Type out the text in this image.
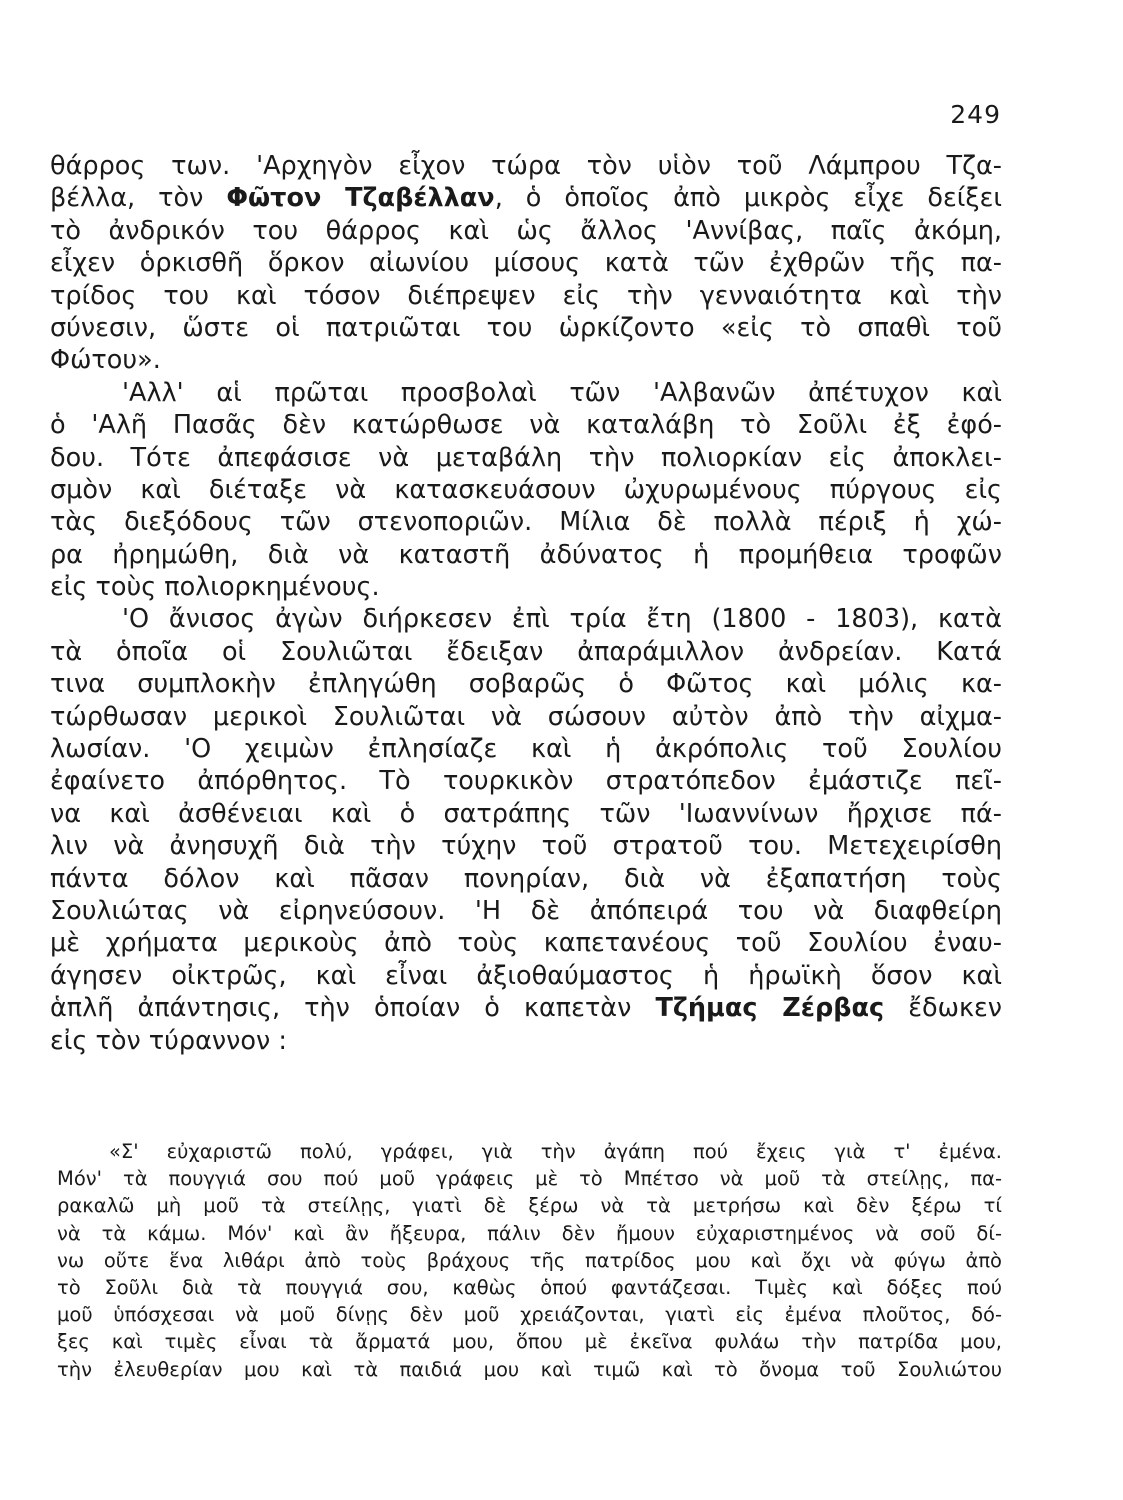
249
θάρρος των. 'Αρχηγὸν εἶχον τώρα τὸν υἱὸν τοῦ Λάμπρου Τζα-
βέλλα, τὸν Φῶτον Τζαβέλλαν, ὁ ὁποῖος ἀπὸ μικρὸς εἶχε δείξει
τὸ ἀνδρικόν του θάρρος καὶ ὡς ἄλλος 'Αννίβας, παῖς ἀκόμη,
εἶχεν ὁρκισθῆ ὅρκον αἰωνίου μίσους κατὰ τῶν ἐχθρῶν τῆς πα-
τρίδος του καὶ τόσον διέπρεψεν εἰς τὴν γενναιότητα καὶ τὴν
σύνεσιν, ὥστε οἱ πατριῶται του ὡρκίζοντο «εἰς τὸ σπαθὶ τοῦ
Φώτου».
'Αλλ' αἱ πρῶται προσβολαὶ τῶν 'Αλβανῶν ἀπέτυχον καὶ
ὁ 'Αλῆ Πασᾶς δὲν κατώρθωσε νὰ καταλάβη τὸ Σοῦλι ἐξ ἐφό-
δου. Τότε ἀπεφάσισε νὰ μεταβάλη τὴν πολιορκίαν εἰς ἀποκλει-
σμὸν καὶ διέταξε νὰ κατασκευάσουν ὠχυρωμένους πύργους εἰς
τὰς διεξόδους τῶν στενοποριῶν. Μίλια δὲ πολλὰ πέριξ ἡ χώ-
ρα ἠρημώθη, διὰ νὰ καταστῆ ἀδύνατος ἡ προμήθεια τροφῶν
εἰς τοὺς πολιορκημένους.
'Ο ἄνισος ἀγὼν διήρκεσεν ἐπὶ τρία ἔτη (1800 - 1803), κατὰ
τὰ ὁποῖα οἱ Σουλιῶται ἔδειξαν ἀπαράμιλλον ἀνδρείαν. Κατά
τινα συμπλοκὴν ἐπληγώθη σοβαρῶς ὁ Φῶτος καὶ μόλις κα-
τώρθωσαν μερικοὶ Σουλιῶται νὰ σώσουν αὐτὸν ἀπὸ τὴν αἰχμα-
λωσίαν. 'Ο χειμὼν ἐπλησίαζε καὶ ἡ ἀκρόπολις τοῦ Σουλίου
ἐφαίνετο ἀπόρθητος. Τὸ τουρκικὸν στρατόπεδον ἐμάστιζε πεῖ-
να καὶ ἀσθένειαι καὶ ὁ σατράπης τῶν 'Ιωαννίνων ἤρχισε πά-
λιν νὰ ἀνησυχῆ διὰ τὴν τύχην τοῦ στρατοῦ του. Μετεχειρίσθη
πάντα δόλον καὶ πᾶσαν πονηρίαν, διὰ νὰ ἐξαπατήση τοὺς
Σουλιώτας νὰ εἰρηνεύσουν. 'Η δὲ ἀπόπειρά του νὰ διαφθείρη
μὲ χρήματα μερικοὺς ἀπὸ τοὺς καπετανέους τοῦ Σουλίου ἐναυ-
άγησεν οἰκτρῶς, καὶ εἶναι ἀξιοθαύμαστος ἡ ἡρωϊκὴ ὅσον καὶ
ἁπλῆ ἀπάντησις, τὴν ὁποίαν ὁ καπετὰν Τζήμας Ζέρβας ἔδωκεν
εἰς τὸν τύραννον :
«Σ' εὐχαριστῶ πολύ, γράφει, γιὰ τὴν ἀγάπη πού ἔχεις γιὰ τ' ἐμένα.
Μόν' τὰ πουγγιά σου πού μοῦ γράφεις μὲ τὸ Μπέτσο νὰ μοῦ τὰ στείλῃς, πα-
ρακαλῶ μὴ μοῦ τὰ στείλῃς, γιατὶ δὲ ξέρω νὰ τὰ μετρήσω καὶ δὲν ξέρω τί
νὰ τὰ κάμω. Μόν' καὶ ἂν ἤξευρα, πάλιν δὲν ἤμουν εὐχαριστημένος νὰ σοῦ δί-
νω οὔτε ἕνα λιθάρι ἀπὸ τοὺς βράχους τῆς πατρίδος μου καὶ ὄχι νὰ φύγω ἀπὸ
τὸ Σοῦλι διὰ τὰ πουγγιά σου, καθὼς ὁπού φαντάζεσαι. Τιμὲς καὶ δόξες πού
μοῦ ὑπόσχεσαι νὰ μοῦ δίνῃς δὲν μοῦ χρειάζονται, γιατὶ εἰς ἐμένα πλοῦτος, δό-
ξες καὶ τιμὲς εἶναι τὰ ἄρματά μου, ὅπου μὲ ἐκεῖνα φυλάω τὴν πατρίδα μου,
τὴν ἐλευθερίαν μου καὶ τὰ παιδιά μου καὶ τιμῶ καὶ τὸ ὄνομα τοῦ Σουλιώτου
